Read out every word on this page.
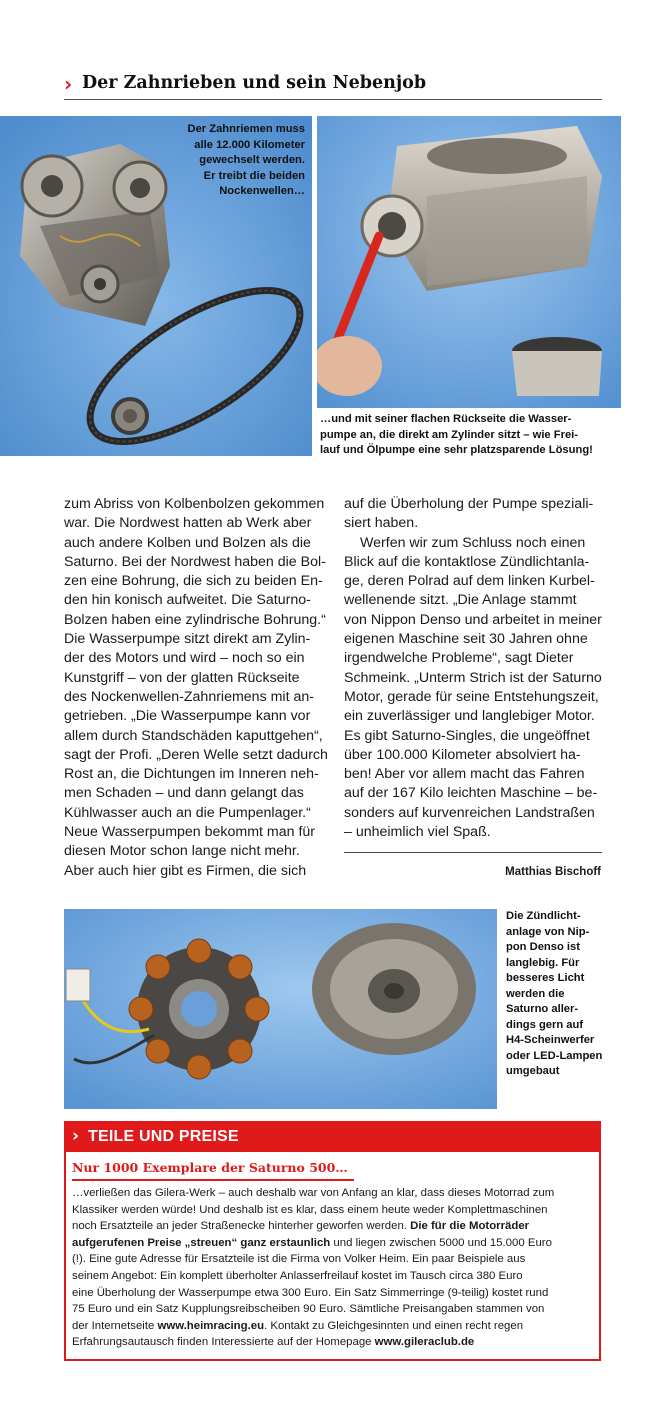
› Der Zahnrieben und sein Nebenjob
Der Zahnriemen muss
alle 12.000 Kilometer
gewechselt werden.
Er treibt die beiden
Nockenwellen…
…und mit seiner flachen Rückseite die Wasser-
pumpe an, die direkt am Zylinder sitzt – wie Frei-
lauf und Ölpumpe eine sehr platzsparende Lösung!
zum Abriss von Kolbenbolzen gekommen
war. Die Nordwest hatten ab Werk aber
auch andere Kolben und Bolzen als die
Saturno. Bei der Nordwest haben die Bol-
zen eine Bohrung, die sich zu beiden En-
den hin konisch aufweitet. Die Saturno-
Bolzen haben eine zylindrische Bohrung.“
Die Wasserpumpe sitzt direkt am Zylin-
der des Motors und wird – noch so ein
Kunstgriff – von der glatten Rückseite
des Nockenwellen-Zahnriemens mit an-
getrieben. „Die Wasserpumpe kann vor
allem durch Standschäden kaputtgehen“,
sagt der Profi. „Deren Welle setzt dadurch
Rost an, die Dichtungen im Inneren neh-
men Schaden – und dann gelangt das
Kühlwasser auch an die Pumpenlager.“
Neue Wasserpumpen bekommt man für
diesen Motor schon lange nicht mehr.
Aber auch hier gibt es Firmen, die sich
auf die Überholung der Pumpe speziali-
siert haben.
Werfen wir zum Schluss noch einen
Blick auf die kontaktlose Zündlichtanla-
ge, deren Polrad auf dem linken Kurbel-
wellenende sitzt. „Die Anlage stammt
von Nippon Denso und arbeitet in meiner
eigenen Maschine seit 30 Jahren ohne
irgendwelche Probleme“, sagt Dieter
Schmeink. „Unterm Strich ist der Saturno
Motor, gerade für seine Entstehungszeit,
ein zuverlässiger und langlebiger Motor.
Es gibt Saturno-Singles, die ungeöffnet
über 100.000 Kilometer absolviert ha-
ben! Aber vor allem macht das Fahren
auf der 167 Kilo leichten Maschine – be-
sonders auf kurvenreichen Landstraßen
– unheimlich viel Spaß.
Matthias Bischoff
Die Zündlicht-
anlage von Nip-
pon Denso ist
langlebig. Für
besseres Licht
werden die
Saturno aller-
dings gern auf
H4-Scheinwerfer
oder LED-Lampen
umgebaut
› TEILE UND PREISE
Nur 1000 Exemplare der Saturno 500…
…verließen das Gilera-Werk – auch deshalb war von Anfang an klar, dass dieses Motorrad zum
Klassiker werden würde! Und deshalb ist es klar, dass einem heute weder Komplettmaschinen
noch Ersatzteile an jeder Straßenecke hinterher geworfen werden. Die für die Motorräder
aufgerufenen Preise „streuen“ ganz erstaunlich und liegen zwischen 5000 und 15.000 Euro
(!). Eine gute Adresse für Ersatzteile ist die Firma von Volker Heim. Ein paar Beispiele aus
seinem Angebot: Ein komplett überholter Anlasserfreilauf kostet im Tausch circa 380 Euro
eine Überholung der Wasserpumpe etwa 300 Euro. Ein Satz Simmerringe (9-teilig) kostet rund
75 Euro und ein Satz Kupplungsreibscheiben 90 Euro. Sämtliche Preisangaben stammen von
der Internetseite www.heimracing.eu. Kontakt zu Gleichgesinnten und einen recht regen
Erfahrungsautausch finden Interessierte auf der Homepage www.gileraclub.de
